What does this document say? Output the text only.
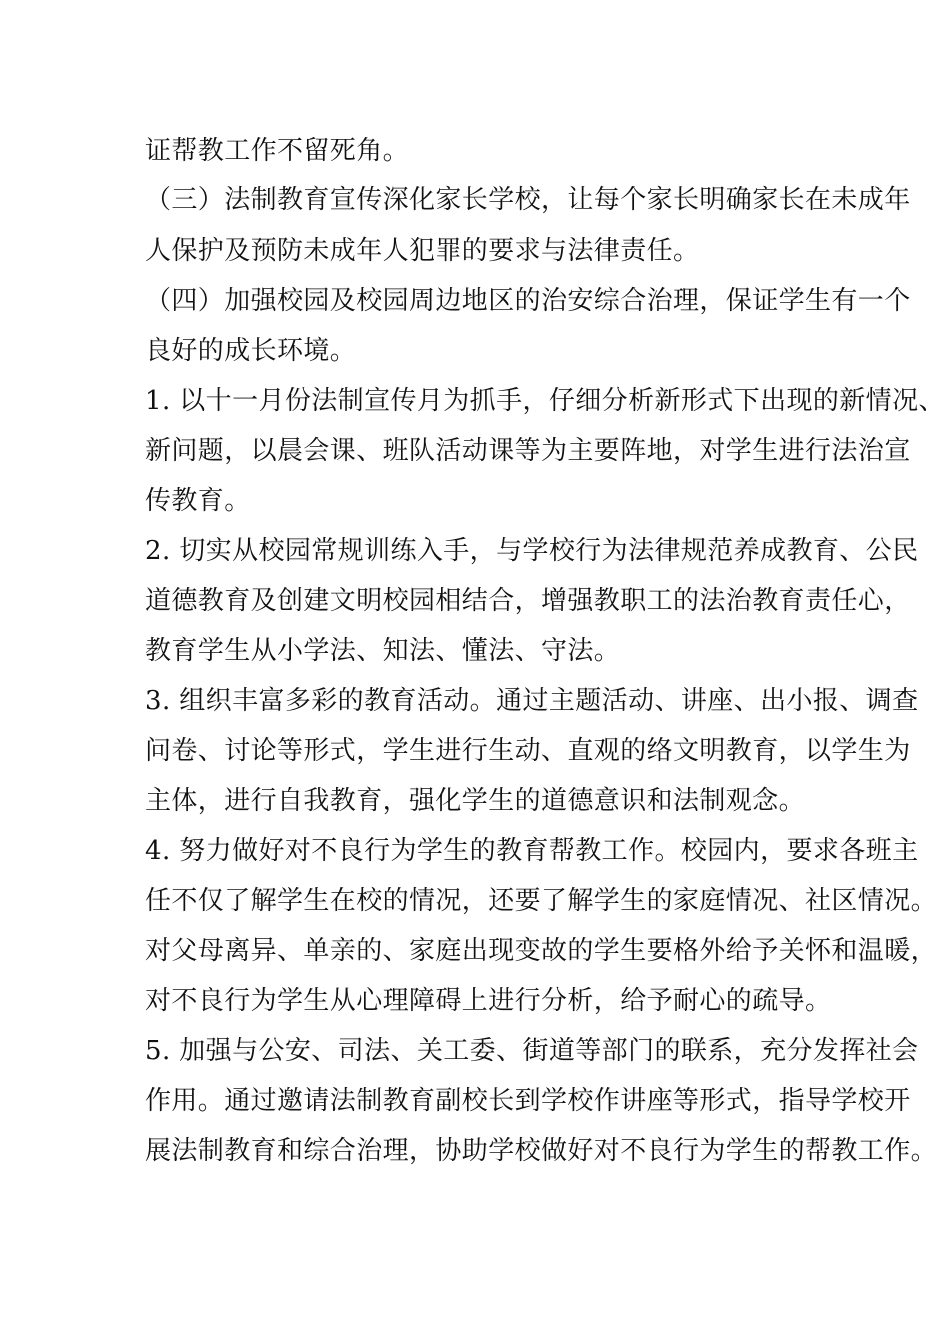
证帮教工作不留死角。
（三）法制教育宣传深化家长学校，让每个家长明确家长在未成年
人保护及预防未成年人犯罪的要求与法律责任。
（四）加强校园及校园周边地区的治安综合治理，保证学生有一个
良好的成长环境。
1. 以十一月份法制宣传月为抓手，仔细分析新形式下出现的新情况、
新问题，以晨会课、班队活动课等为主要阵地，对学生进行法治宣
传教育。
2. 切实从校园常规训练入手，与学校行为法律规范养成教育、公民
道德教育及创建文明校园相结合，增强教职工的法治教育责任心，
教育学生从小学法、知法、懂法、守法。
3. 组织丰富多彩的教育活动。通过主题活动、讲座、出小报、调查
问卷、讨论等形式，学生进行生动、直观的络文明教育，以学生为
主体，进行自我教育，强化学生的道德意识和法制观念。
4. 努力做好对不良行为学生的教育帮教工作。校园内，要求各班主
任不仅了解学生在校的情况，还要了解学生的家庭情况、社区情况。
对父母离异、单亲的、家庭出现变故的学生要格外给予关怀和温暖，
对不良行为学生从心理障碍上进行分析，给予耐心的疏导。
5. 加强与公安、司法、关工委、街道等部门的联系，充分发挥社会
作用。通过邀请法制教育副校长到学校作讲座等形式，指导学校开
展法制教育和综合治理，协助学校做好对不良行为学生的帮教工作。
